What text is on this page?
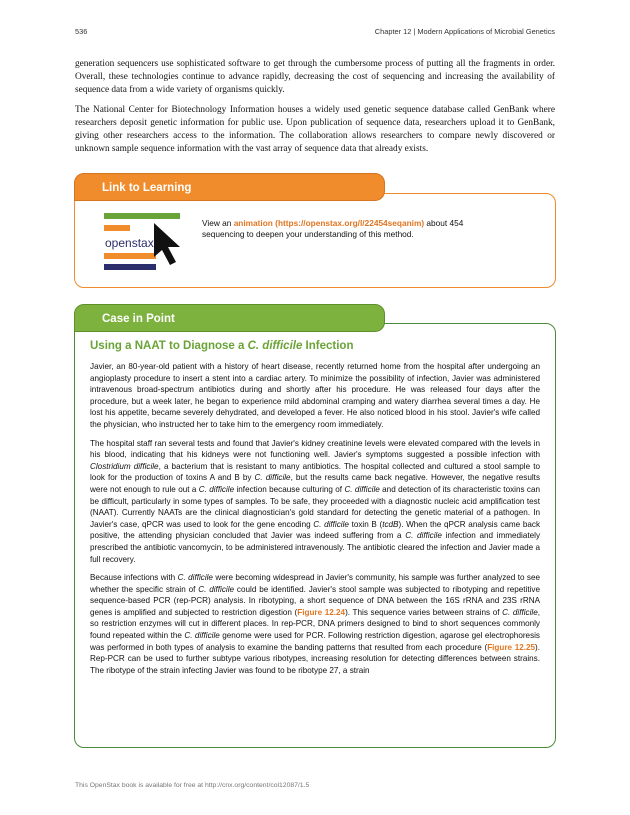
536	Chapter 12 | Modern Applications of Microbial Genetics

generation sequencers use sophisticated software to get through the cumbersome process of putting all the fragments in order. Overall, these technologies continue to advance rapidly, decreasing the cost of sequencing and increasing the availability of sequence data from a wide variety of organisms quickly.

The National Center for Biotechnology Information houses a widely used genetic sequence database called GenBank where researchers deposit genetic information for public use. Upon publication of sequence data, researchers upload it to GenBank, giving other researchers access to the information. The collaboration allows researchers to compare newly discovered or unknown sample sequence information with the vast array of sequence data that already exists.

Link to Learning
openstax
View an animation (https://openstax.org/l/22454seqanim) about 454 sequencing to deepen your understanding of this method.
Case in Point
Using a NAAT to Diagnose a C. difficile Infection

Javier, an 80-year-old patient with a history of heart disease, recently returned home from the hospital after undergoing an angioplasty procedure to insert a stent into a cardiac artery. To minimize the possibility of infection, Javier was administered intravenous broad-spectrum antibiotics during and shortly after his procedure. He was released four days after the procedure, but a week later, he began to experience mild abdominal cramping and watery diarrhea several times a day. He lost his appetite, became severely dehydrated, and developed a fever. He also noticed blood in his stool. Javier's wife called the physician, who instructed her to take him to the emergency room immediately.

The hospital staff ran several tests and found that Javier's kidney creatinine levels were elevated compared with the levels in his blood, indicating that his kidneys were not functioning well. Javier's symptoms suggested a possible infection with Clostridium difficile, a bacterium that is resistant to many antibiotics. The hospital collected and cultured a stool sample to look for the production of toxins A and B by C. difficile, but the results came back negative. However, the negative results were not enough to rule out a C. difficile infection because culturing of C. difficile and detection of its characteristic toxins can be difficult, particularly in some types of samples. To be safe, they proceeded with a diagnostic nucleic acid amplification test (NAAT). Currently NAATs are the clinical diagnostician's gold standard for detecting the genetic material of a pathogen. In Javier's case, qPCR was used to look for the gene encoding C. difficile toxin B (tcdB). When the qPCR analysis came back positive, the attending physician concluded that Javier was indeed suffering from a C. difficile infection and immediately prescribed the antibiotic vancomycin, to be administered intravenously. The antibiotic cleared the infection and Javier made a full recovery.

Because infections with C. difficile were becoming widespread in Javier's community, his sample was further analyzed to see whether the specific strain of C. difficile could be identified. Javier's stool sample was subjected to ribotyping and repetitive sequence-based PCR (rep-PCR) analysis. In ribotyping, a short sequence of DNA between the 16S rRNA and 23S rRNA genes is amplified and subjected to restriction digestion (Figure 12.24). This sequence varies between strains of C. difficile, so restriction enzymes will cut in different places. In rep-PCR, DNA primers designed to bind to short sequences commonly found repeated within the C. difficile genome were used for PCR. Following restriction digestion, agarose gel electrophoresis was performed in both types of analysis to examine the banding patterns that resulted from each procedure (Figure 12.25). Rep-PCR can be used to further subtype various ribotypes, increasing resolution for detecting differences between strains. The ribotype of the strain infecting Javier was found to be ribotype 27, a strain

This OpenStax book is available for free at http://cnx.org/content/col12087/1.5
